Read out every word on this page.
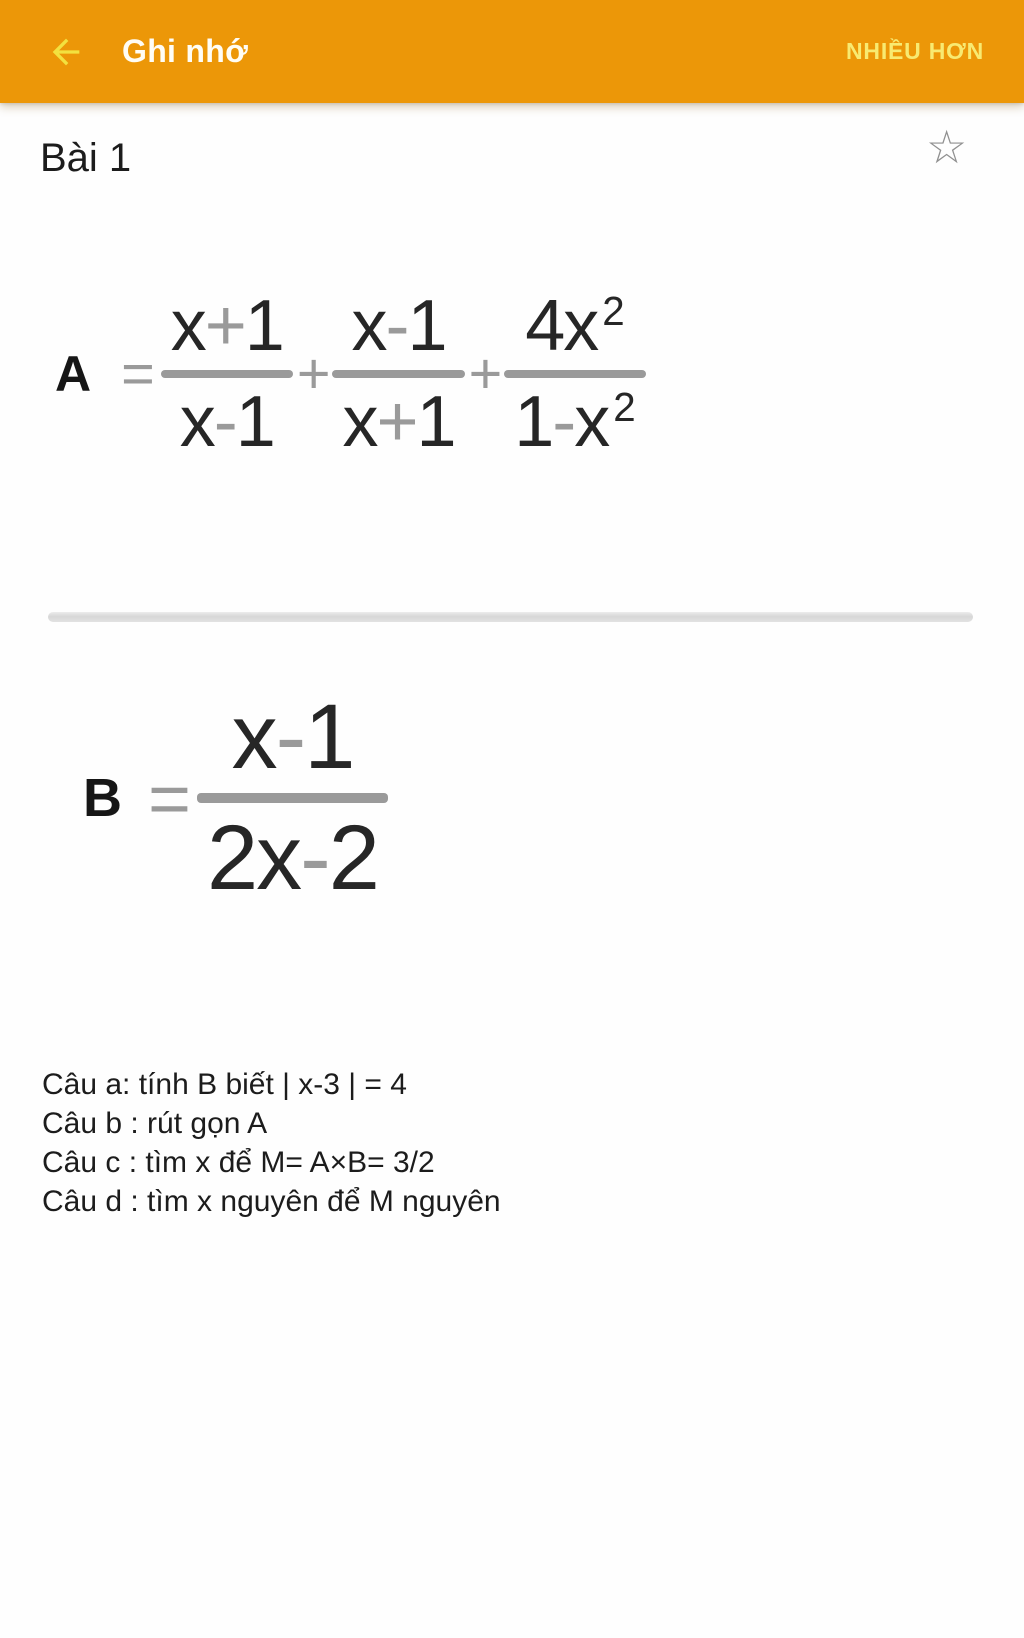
Ghi nhớ	NHIỀU HƠN
Bài 1	☆
A =
x+1
x-1
+
x-1
x+1
+
4x $^2$
1-x $^2$
B =
x-1
2x-2
Câu a: tính B biết | x-3 | = 4
Câu b : rút gọn A
Câu c : tìm x để M= A×B= 3/2
Câu d : tìm x nguyên để M nguyên
